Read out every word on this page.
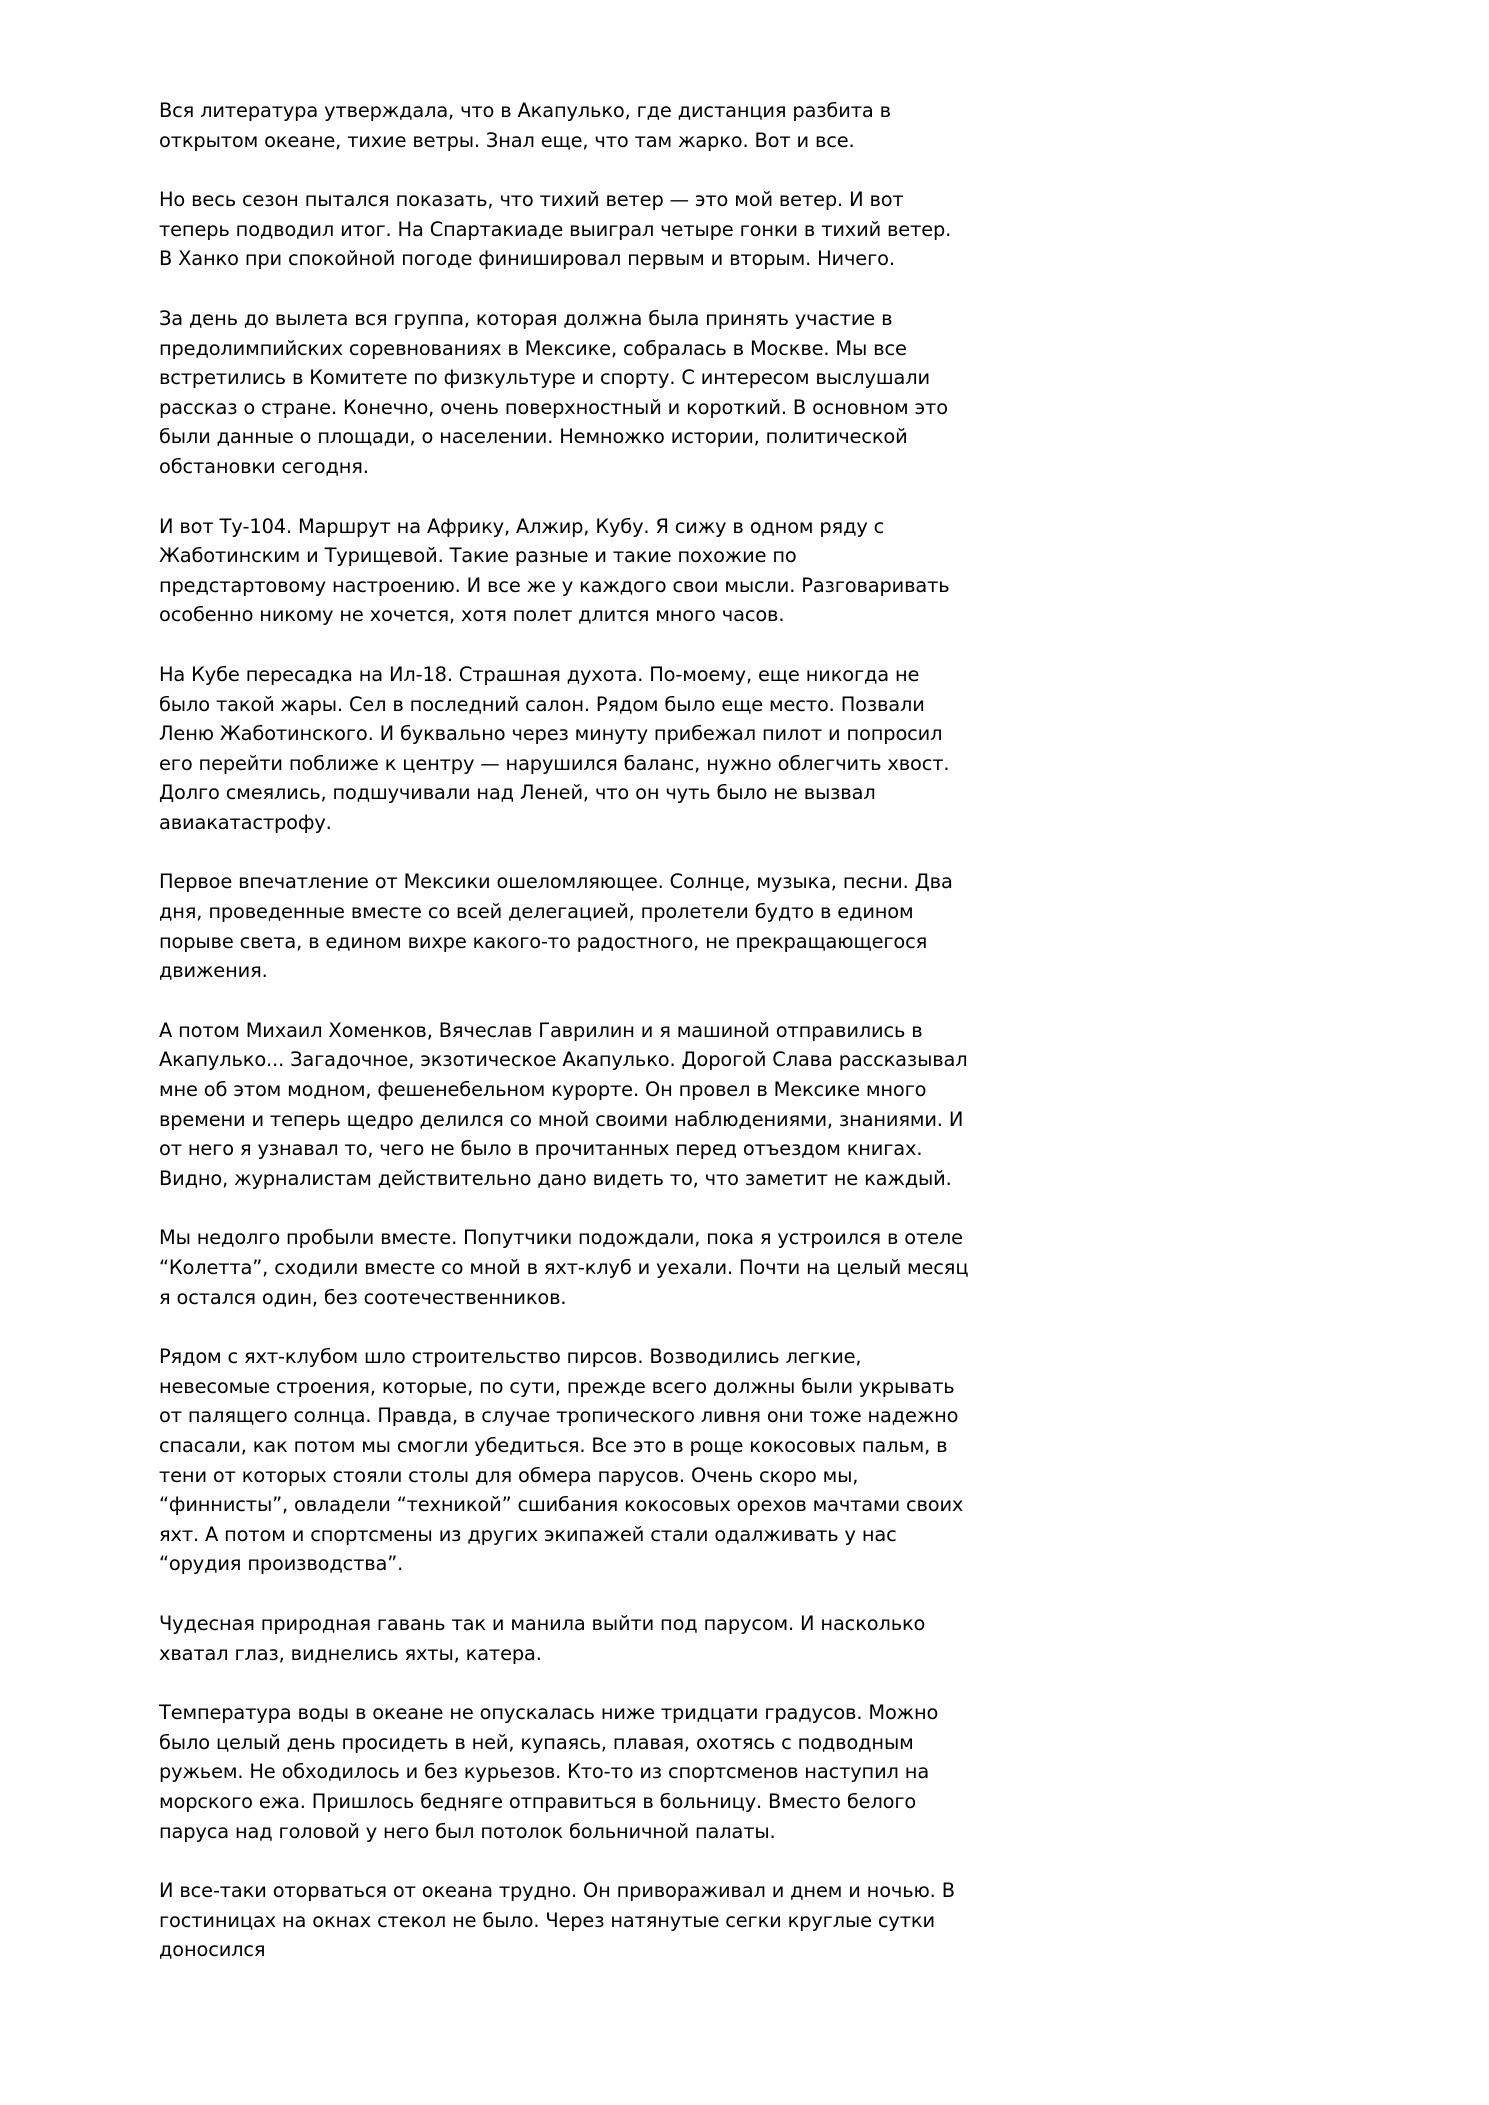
Вся литература утверждала, что в Акапулько, где дистанция разбита в открытом океане, тихие ветры. Знал еще, что там жарко. Вот и все.

Но весь сезон пытался показать, что тихий ветер — это мой ветер. И вот теперь подводил итог. На Спартакиаде выиграл четыре гонки в тихий ветер. В Ханко при спокойной погоде финишировал первым и вторым. Ничего.

За день до вылета вся группа, которая должна была принять участие в предолимпийских соревнованиях в Мексике, собралась в Москве. Мы все встретились в Комитете по физкультуре и спорту. С интересом выслушали рассказ о стране. Конечно, очень поверхностный и короткий. В основном это были данные о площади, о населении. Немножко истории, политической обстановки сегодня.

И вот Ту-104. Маршрут на Африку, Алжир, Кубу. Я сижу в одном ряду с Жаботинским и Турищевой. Такие разные и такие похожие по предстартовому настроению. И все же у каждого свои мысли. Разговаривать особенно никому не хочется, хотя полет длится много часов.

На Кубе пересадка на Ил-18. Страшная духота. По-моему, еще никогда не было такой жары. Сел в последний салон. Рядом было еще место. Позвали Леню Жаботинского. И буквально через минуту прибежал пилот и попросил его перейти поближе к центру — нарушился баланс, нужно облегчить хвост. Долго смеялись, подшучивали над Леней, что он чуть было не вызвал авиакатастрофу.

Первое впечатление от Мексики ошеломляющее. Солнце, музыка, песни. Два дня, проведенные вместе со всей делегацией, пролетели будто в едином порыве света, в едином вихре какого-то радостного, не прекращающегося движения.

А потом Михаил Хоменков, Вячеслав Гаврилин и я машиной отправились в Акапулько... Загадочное, экзотическое Акапулько. Дорогой Слава рассказывал мне об этом модном, фешенебельном курорте. Он провел в Мексике много времени и теперь щедро делился со мной своими наблюдениями, знаниями. И от него я узнавал то, чего не было в прочитанных перед отъездом книгах. Видно, журналистам действительно дано видеть то, что заметит не каждый.

Мы недолго пробыли вместе. Попутчики подождали, пока я устроился в отеле “Колетта”, сходили вместе со мной в яхт-клуб и уехали. Почти на целый месяц я остался один, без соотечественников.

Рядом с яхт-клубом шло строительство пирсов. Возводились легкие, невесомые строения, которые, по сути, прежде всего должны были укрывать от палящего солнца. Правда, в случае тропического ливня они тоже надежно спасали, как потом мы смогли убедиться. Все это в роще кокосовых пальм, в тени от которых стояли столы для обмера парусов. Очень скоро мы, “финнисты”, овладели “техникой” сшибания кокосовых орехов мачтами своих яхт. А потом и спортсмены из других экипажей стали одалживать у нас “орудия производства”.

Чудесная природная гавань так и манила выйти под парусом. И насколько хватал глаз, виднелись яхты, катера.

Температура воды в океане не опускалась ниже тридцати градусов. Можно было целый день просидеть в ней, купаясь, плавая, охотясь с подводным ружьем. Не обходилось и без курьезов. Кто-то из спортсменов наступил на морского ежа. Пришлось бедняге отправиться в больницу. Вместо белого паруса над головой у него был потолок больничной палаты.

И все-таки оторваться от океана трудно. Он привораживал и днем и ночью. В гостиницах на окнах стекол не было. Через натянутые сегки круглые сутки доносился
